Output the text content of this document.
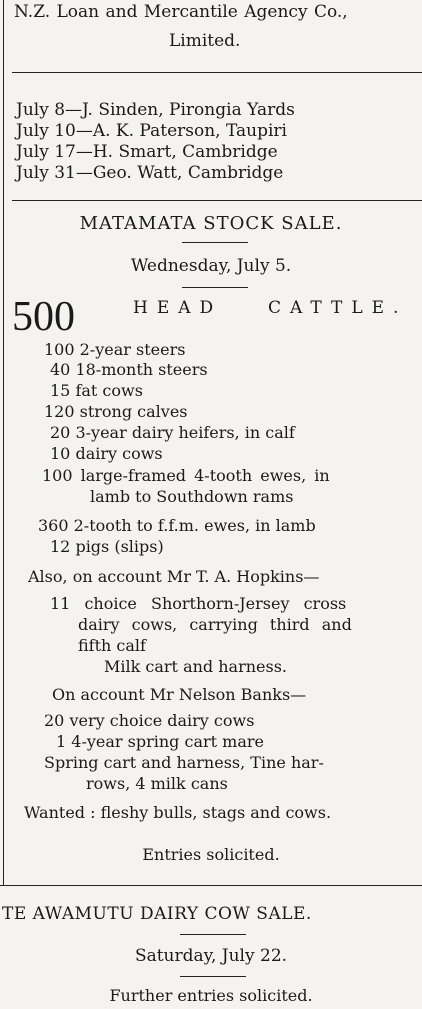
N.Z. Loan and Mercantile Agency Co.,
Limited.
July 8—J. Sinden, Pirongia Yards
July 10—A. K. Paterson, Taupiri
July 17—H. Smart, Cambridge
July 31—Geo. Watt, Cambridge
MATAMATA STOCK SALE.
Wednesday, July 5.
500	HEAD	CATTLE.
100 2-year steers
40 18-month steers
15 fat cows
120 strong calves
20 3-year dairy heifers, in calf
10 dairy cows
100 large-framed 4-tooth ewes, in
lamb to Southdown rams
360 2-tooth to f.f.m. ewes, in lamb
12 pigs (slips)
Also, on account Mr T. A. Hopkins—
11 choice Shorthorn-Jersey cross
dairy cows, carrying third and
fifth calf
Milk cart and harness.
On account Mr Nelson Banks—
20 very choice dairy cows
1 4-year spring cart mare
Spring cart and harness, Tine har-
rows, 4 milk cans
Wanted : fleshy bulls, stags and cows.
Entries solicited.
TE AWAMUTU DAIRY COW SALE.
Saturday, July 22.
Further entries solicited.
